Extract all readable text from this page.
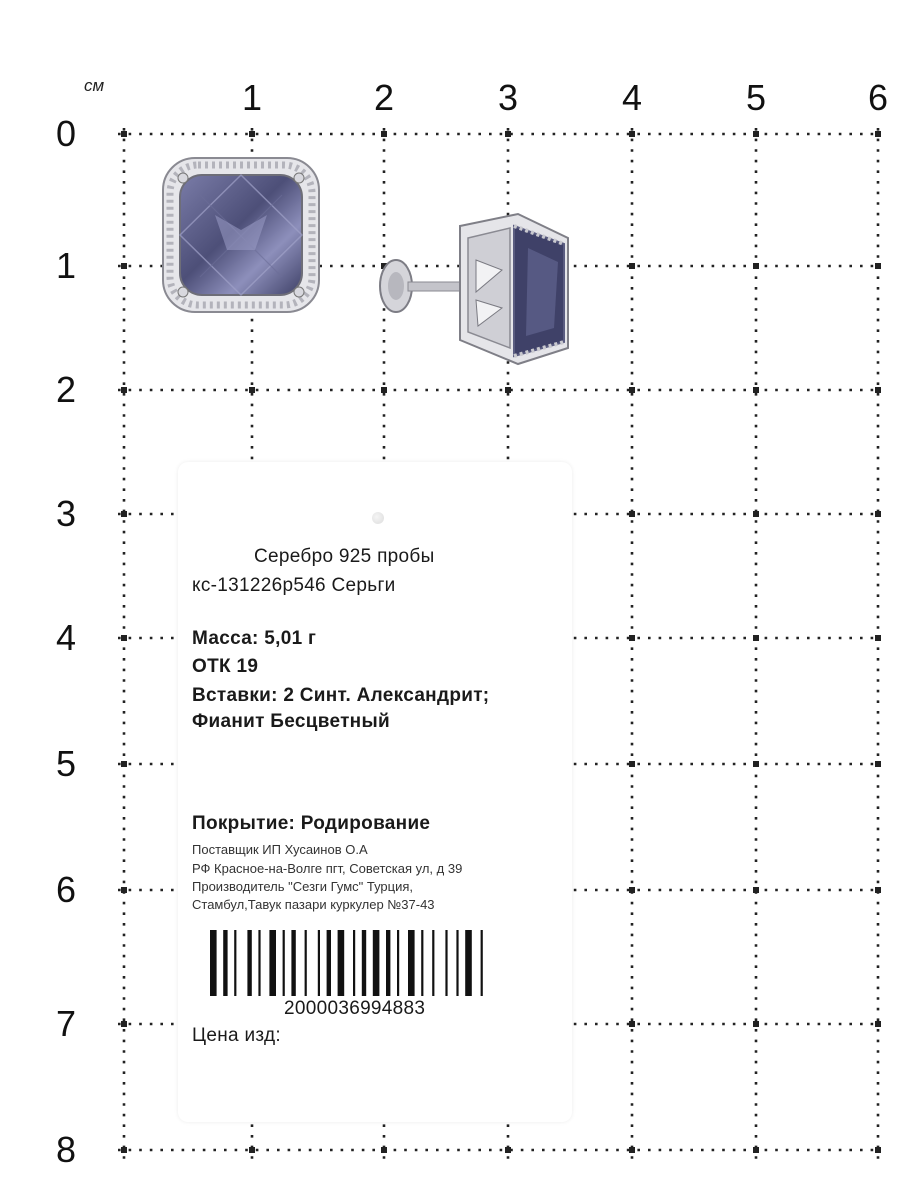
см	1	2	3	4	5	6
0
1
2
3
4
5
6
7
8
Серебро 925 пробы
кс-131226р546 Серьги
Масса: 5,01 г
ОТК 19
Вставки: 2 Синт. Александрит;
Фианит Бесцветный
Покрытие: Родирование
Поставщик ИП Хусаинов О.А
РФ Красное-на-Волге пгт, Советская ул, д 39
Производитель "Сезги Гумс" Турция,
Стамбул,Тавук пазари куркулер №37-43
2000036994883
Цена изд:
